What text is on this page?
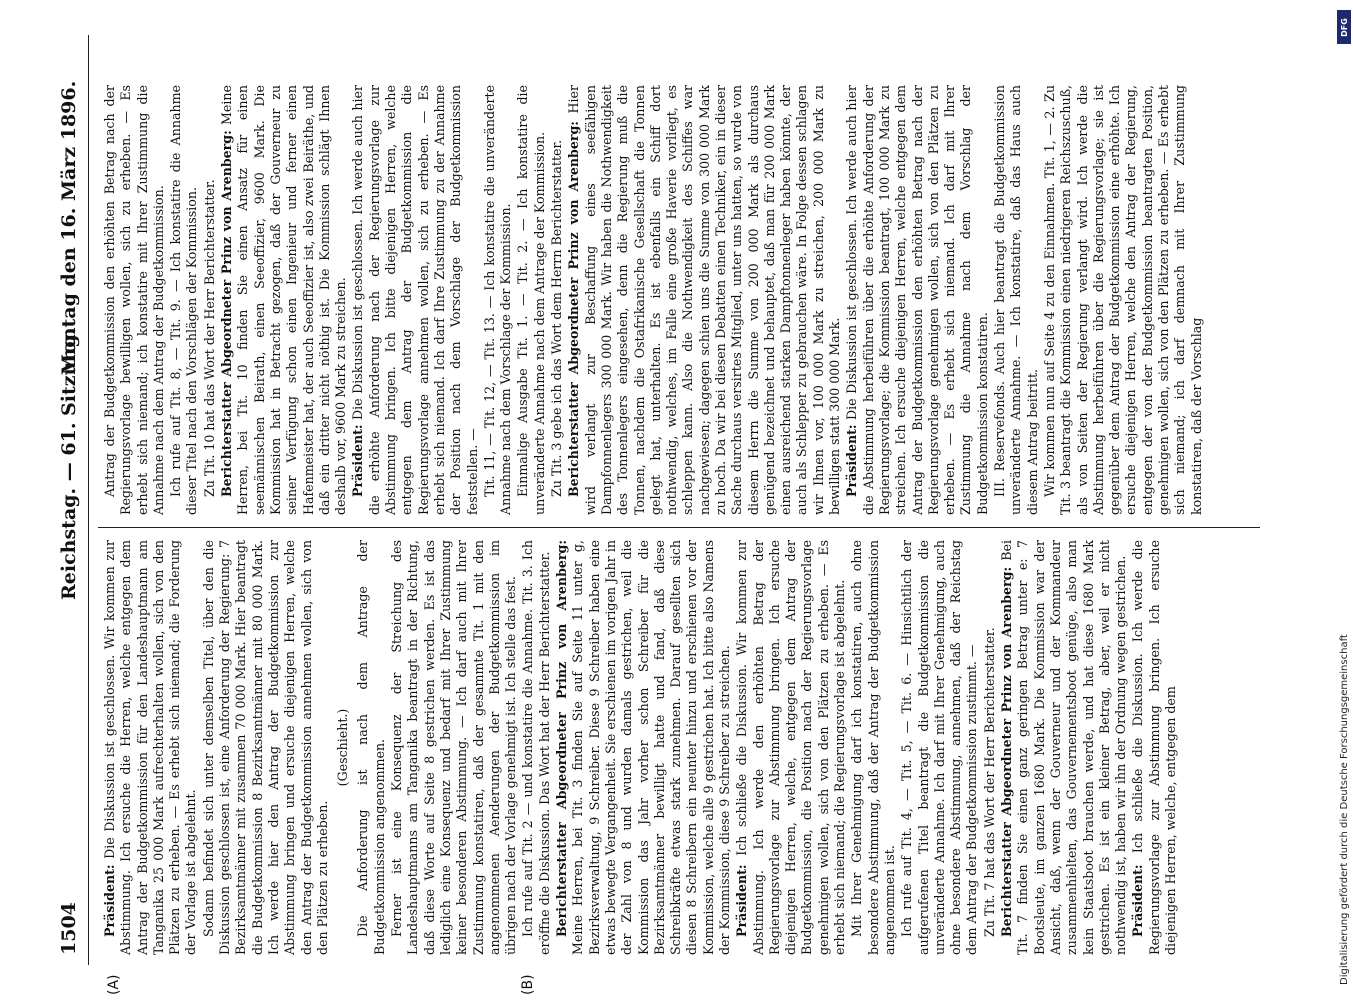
1504
Reichstag. — 61. Sitzung.
Montag den 16. März 1896.
(A)	(B)

Präsident: Die Diskussion ist geschlossen. Wir kommen zur Abstimmung. Ich ersuche die Herren, welche entgegen dem Antrag der Budgetkommission für den Landeshauptmann am Tanganika 25 000 Mark aufrechterhalten wollen, sich von den Plätzen zu erheben. — Es erhebt sich niemand; die Forderung der Vorlage ist abgelehnt. Sodann befindet sich unter demselben Titel, über den die Diskussion geschlossen ist, eine Anforderung der Regierung: 7 Bezirksamtmänner mit zusammen 70 000 Mark. Hier beantragt die Budgetkommission 8 Bezirksamtmänner mit 80 000 Mark. Ich werde hier den Antrag der Budgetkommission zur Abstimmung bringen und ersuche diejenigen Herren, welche den Antrag der Budgetkommission annehmen wollen, sich von den Plätzen zu erheben.

(Geschieht.) Die Anforderung ist nach dem Antrage der Budgetkommission angenommen. Ferner ist eine Konsequenz der Streichung des Landeshauptmanns am Tanganika beantragt in der Richtung, daß diese Worte auf Seite 8 gestrichen werden. Es ist das lediglich eine Konsequenz und bedarf mit Ihrer Zustimmung keiner besonderen Abstimmung. — Ich darf auch mit Ihrer Zustimmung konstatiren, daß der gesammte Tit. 1 mit den angenommenen Aenderungen der Budgetkommission im übrigen nach der Vorlage genehmigt ist. Ich stelle das fest. Ich rufe auf Tit. 2 — und konstatire die Annahme. Tit. 3. Ich eröffne die Diskussion. Das Wort hat der Herr Berichterstatter. Berichterstatter Abgeordneter Prinz von Arenberg: Meine Herren, bei Tit. 3 finden Sie auf Seite 11 unter g, Bezirksverwaltung, 9 Schreiber. Diese 9 Schreiber haben eine etwas bewegte Vergangenheit. Sie erschienen im vorigen Jahr in der Zahl von 8 und wurden damals gestrichen, weil die Kommission das Jahr vorher schon Schreiber für die Bezirksamtmänner bewilligt hatte und fand, daß diese Schreibkräfte etwas stark zunehmen. Darauf gesellten sich diesen 8 Schreibern ein neunter hinzu und erschienen vor der Kommission, welche alle 9 gestrichen hat. Ich bitte also Namens der Kommission, diese 9 Schreiber zu streichen. Präsident: Ich schließe die Diskussion. Wir kommen zur Abstimmung. Ich werde den erhöhten Betrag der Regierungsvorlage zur Abstimmung bringen. Ich ersuche diejenigen Herren, welche, entgegen dem Antrag der Budgetkommission, die Position nach der Regierungsvorlage genehmigen wollen, sich von den Plätzen zu erheben. — Es erhebt sich niemand; die Regierungsvorlage ist abgelehnt. Mit Ihrer Genehmigung darf ich konstatiren, auch ohne besondere Abstimmung, daß der Antrag der Budgetkommission angenommen ist. Ich rufe auf Tit. 4, — Tit. 5, — Tit. 6. — Hinsichtlich der aufgerufenen Titel beantragt die Budgetkommission die unveränderte Annahme. Ich darf mit Ihrer Genehmigung, auch ohne besondere Abstimmung, annehmen, daß der Reichstag dem Antrag der Budgetkommission zustimmt. — Zu Tit. 7 hat das Wort der Herr Berichterstatter. Berichterstatter Abgeordneter Prinz von Arenberg: Bei Tit. 7 finden Sie einen ganz geringen Betrag unter e: 7 Bootsleute, im ganzen 1680 Mark. Die Kommission war der Ansicht, daß, wenn der Gouverneur und der Kommandeur zusammenhielten, das Gouvernementsboot genüge, also man kein Staatsboot brauchen werde, und hat diese 1680 Mark gestrichen. Es ist ein kleiner Betrag, aber, weil er nicht nothwendig ist, haben wir ihn der Ordnung wegen gestrichen. Präsident: Ich schließe die Diskussion. Ich werde die Regierungsvorlage zur Abstimmung bringen. Ich ersuche diejenigen Herren, welche, entgegen dem

Antrag der Budgetkommission den erhöhten Betrag nach der Regierungsvorlage bewilligen wollen, sich zu erheben. — Es erhebt sich niemand; ich konstatire mit Ihrer Zustimmung die Annahme nach dem Antrag der Budgetkommission. Ich rufe auf Tit. 8, — Tit. 9. — Ich konstatire die Annahme dieser Titel nach den Vorschlägen der Kommission. Zu Tit. 10 hat das Wort der Herr Berichterstatter. Berichterstatter Abgeordneter Prinz von Arenberg: Meine Herren, bei Tit. 10 finden Sie einen Ansatz für einen seemännischen Beirath, einen Seeoffizier, 9600 Mark. Die Kommission hat in Betracht gezogen, daß der Gouverneur zu seiner Verfügung schon einen Ingenieur und ferner einen Hafenmeister hat, der auch Seeoffizier ist, also zwei Beiräthe, und daß ein dritter nicht nöthig ist. Die Kommission schlägt Ihnen deshalb vor, 9600 Mark zu streichen. Präsident: Die Diskussion ist geschlossen. Ich werde auch hier die erhöhte Anforderung nach der Regierungsvorlage zur Abstimmung bringen. Ich bitte diejenigen Herren, welche entgegen dem Antrag der Budgetkommission die Regierungsvorlage annehmen wollen, sich zu erheben. — Es erhebt sich niemand. Ich darf Ihre Zustimmung zu der Annahme der Position nach dem Vorschlage der Budgetkommission feststellen. — Tit. 11, — Tit. 12, — Tit. 13. — Ich konstatire die unveränderte Annahme nach dem Vorschlage der Kommission. Einmalige Ausgabe Tit. 1. — Tit. 2. — Ich konstatire die unveränderte Annahme nach dem Antrage der Kommission. Zu Tit. 3 gebe ich das Wort dem Herrn Berichterstatter. Berichterstatter Abgeordneter Prinz von Arenberg: Hier wird verlangt zur Beschaffung eines seefähigen Dampfonnenlegers 300 000 Mark. Wir haben die Nothwendigkeit des Tonnenlegers eingesehen, denn die Regierung muß die Tonnen, nachdem die Ostafrikanische Gesellschaft die Tonnen gelegt hat, unterhalten. Es ist ebenfalls ein Schiff dort nothwendig, welches, im Falle eine große Haverie vorliegt, es schleppen kann. Also die Nothwendigkeit des Schiffes war nachgewiesen; dagegen schien uns die Summe von 300 000 Mark zu hoch. Da wir bei diesen Debatten einen Techniker, ein in dieser Sache durchaus versirtes Mitglied, unter uns hatten, so wurde von diesem Herrn die Summe von 200 000 Mark als durchaus genügend bezeichnet und behauptet, daß man für 200 000 Mark einen ausreichend starken Dampftonnenleger haben könnte, der auch als Schlepper zu gebrauchen wäre. In Folge dessen schlagen wir Ihnen vor, 100 000 Mark zu streichen, 200 000 Mark zu bewilligen statt 300 000 Mark. Präsident: Die Diskussion ist geschlossen. Ich werde auch hier die Abstimmung herbeiführen über die erhöhte Anforderung der Regierungsvorlage; die Kommission beantragt, 100 000 Mark zu streichen. Ich ersuche diejenigen Herren, welche entgegen dem Antrag der Budgetkommission den erhöhten Betrag nach der Regierungsvorlage genehmigen wollen, sich von den Plätzen zu erheben. — Es erhebt sich niemand. Ich darf mit Ihrer Zustimmung die Annahme nach dem Vorschlag der Budgetkommission konstatiren. III. Reservefonds. Auch hier beantragt die Budgetkommission unveränderte Annahme. — Ich konstatire, daß das Haus auch diesem Antrag beitritt. Wir kommen nun auf Seite 4 zu den Einnahmen. Tit. 1, — 2. Zu Tit. 3 beantragt die Kommission einen niedrigeren Reichszuschuß, als von Seiten der Regierung verlangt wird. Ich werde die Abstimmung herbeiführen über die Regierungsvorlage; sie ist gegenüber dem Antrag der Budgetkommission eine erhöhte. Ich ersuche diejenigen Herren, welche den Antrag der Regierung, entgegen der von der Budgetkommission beantragten Position, genehmigen wollen, sich von den Plätzen zu erheben. — Es erhebt sich niemand; ich darf demnach mit Ihrer Zustimmung konstatiren, daß der Vorschlag

DFG
Digitalisierung gefördert durch die Deutsche Forschungsgemeinschaft
